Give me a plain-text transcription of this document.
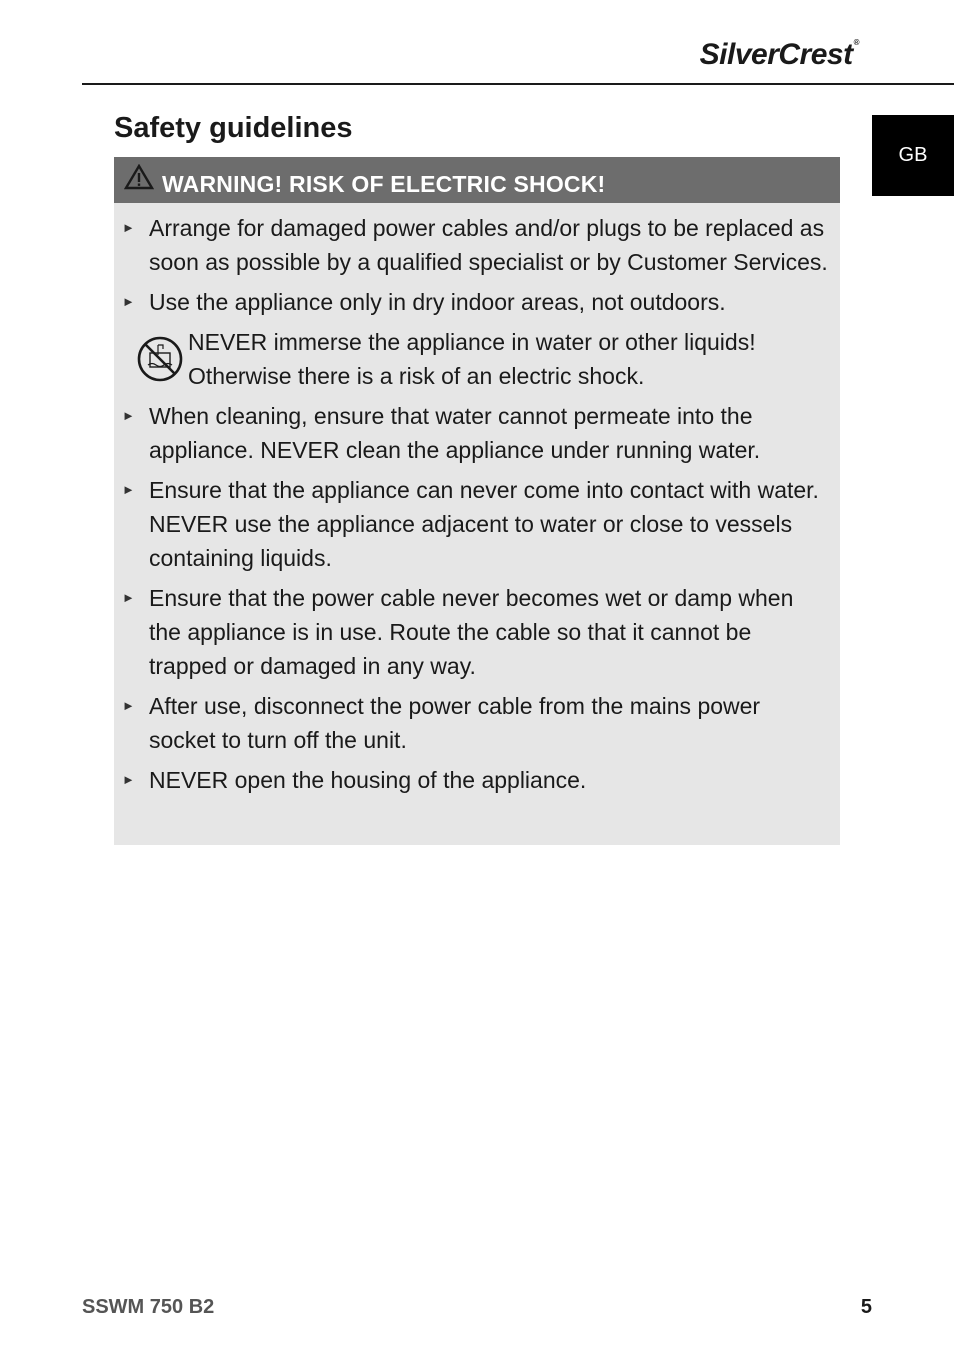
SilverCrest®
GB
Safety guidelines
WARNING! RISK OF ELECTRIC SHOCK!
► Arrange for damaged power cables and/or plugs to be replaced as soon as possible by a qualified specialist or by Customer Services.
► Use the appliance only in dry indoor areas, not outdoors.
NEVER immerse the appliance in water or other liquids! Otherwise there is a risk of an electric shock.
► When cleaning, ensure that water cannot permeate into the appliance. NEVER clean the appliance under running water.
► Ensure that the appliance can never come into contact with water. NEVER use the appliance adjacent to water or close to vessels containing liquids.
► Ensure that the power cable never becomes wet or damp when the appliance is in use. Route the cable so that it cannot be trapped or damaged in any way.
► After use, disconnect the power cable from the mains power socket to turn off the unit.
► NEVER open the housing of the appliance.
SSWM 750 B2	5
